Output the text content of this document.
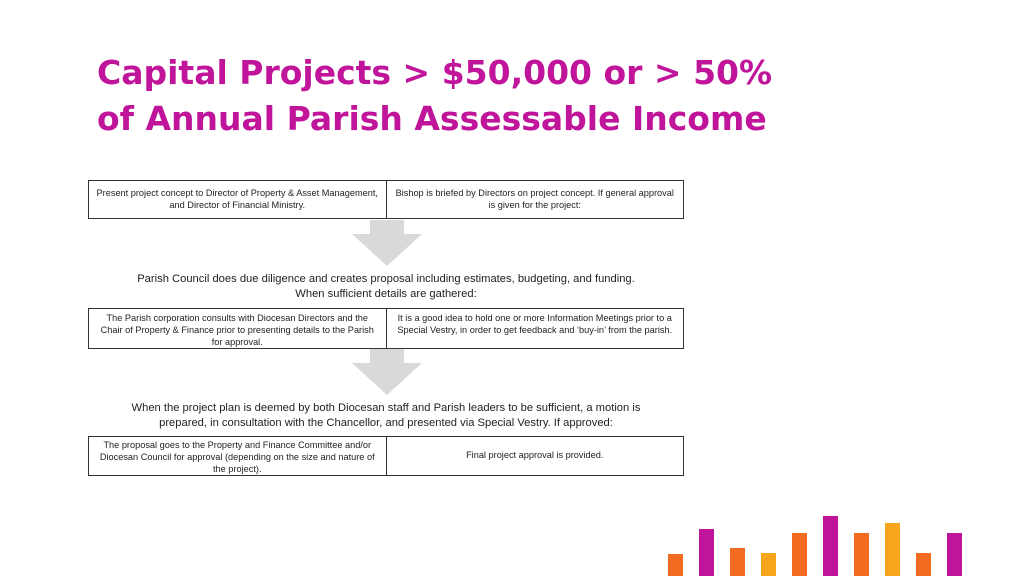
Capital Projects > $50,000 or > 50%
of Annual Parish Assessable Income
Present project concept to Director of Property & Asset Management, and Director of Financial Ministry.
Bishop is briefed by Directors on project concept. If general approval is given for the project:
Parish Council does due diligence and creates proposal including estimates, budgeting, and funding.
When sufficient details are gathered:
The Parish corporation consults with Diocesan Directors and the Chair of Property & Finance prior to presenting details to the Parish for approval.
It is a good idea to hold one or more Information Meetings prior to a Special Vestry, in order to get feedback and ‘buy-in’ from the parish.
When the project plan is deemed by both Diocesan staff and Parish leaders to be sufficient, a motion is
prepared, in consultation with the Chancellor, and presented via Special Vestry. If approved:
The proposal goes to the Property and Finance Committee and/or Diocesan Council for approval (depending on the size and nature of the project).
Final project approval is provided.
